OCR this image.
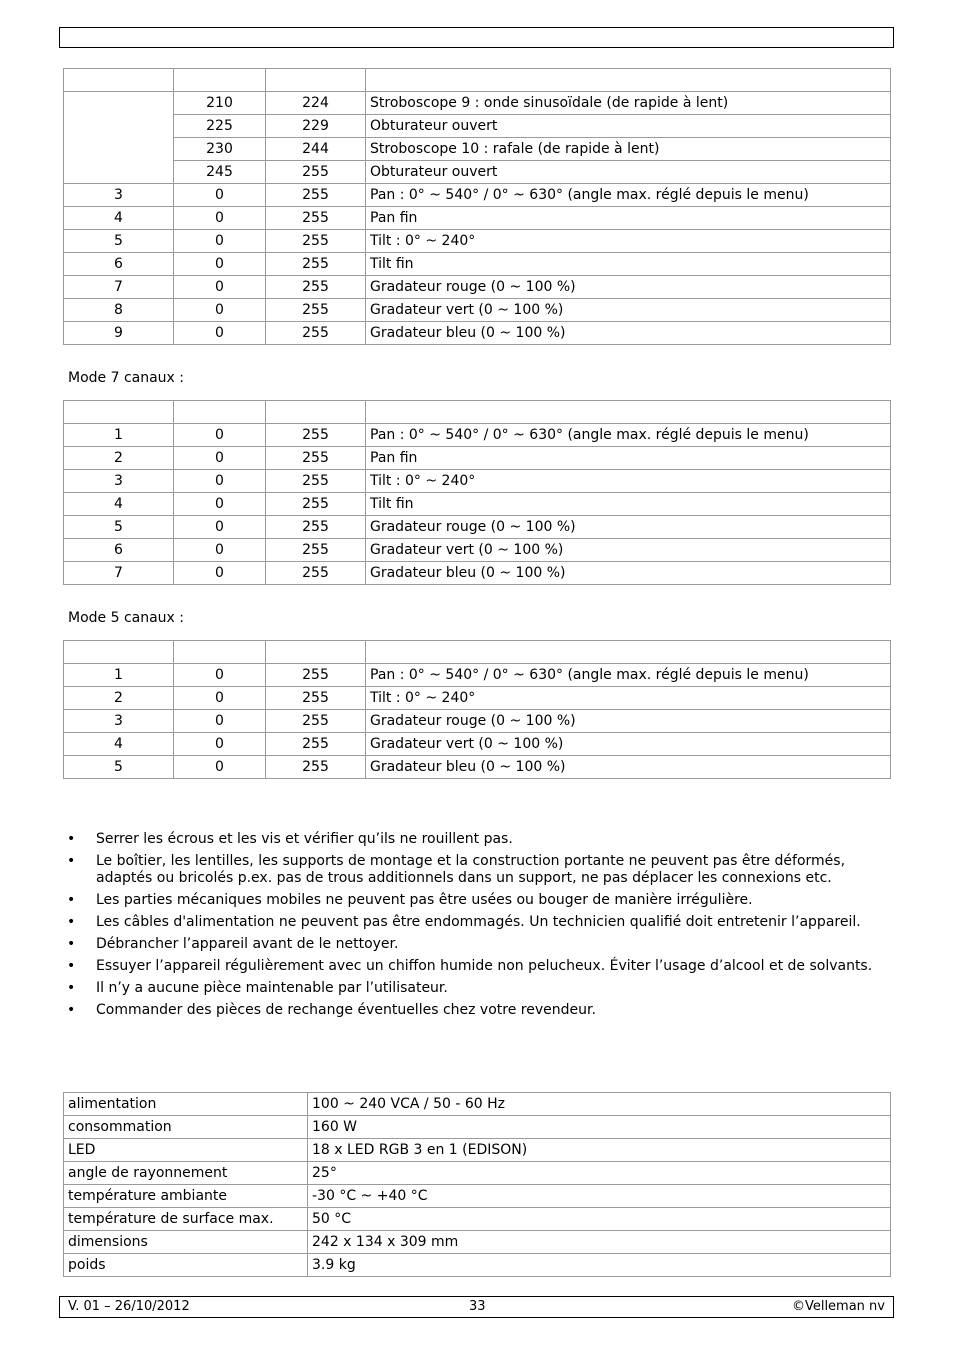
	210	224	Stroboscope 9 : onde sinusoïdale (de rapide à lent)
	225	229	Obturateur ouvert
	230	244	Stroboscope 10 : rafale (de rapide à lent)
	245	255	Obturateur ouvert
3	0	255	Pan : 0° ~ 540° / 0° ~ 630° (angle max. réglé depuis le menu)
4	0	255	Pan fin
5	0	255	Tilt : 0° ~ 240°
6	0	255	Tilt fin
7	0	255	Gradateur rouge (0 ~ 100 %)
8	0	255	Gradateur vert (0 ~ 100 %)
9	0	255	Gradateur bleu (0 ~ 100 %)
Mode 7 canaux :

1	0	255	Pan : 0° ~ 540° / 0° ~ 630° (angle max. réglé depuis le menu)
2	0	255	Pan fin
3	0	255	Tilt : 0° ~ 240°
4	0	255	Tilt fin
5	0	255	Gradateur rouge (0 ~ 100 %)
6	0	255	Gradateur vert (0 ~ 100 %)
7	0	255	Gradateur bleu (0 ~ 100 %)
Mode 5 canaux :

1	0	255	Pan : 0° ~ 540° / 0° ~ 630° (angle max. réglé depuis le menu)
2	0	255	Tilt : 0° ~ 240°
3	0	255	Gradateur rouge (0 ~ 100 %)
4	0	255	Gradateur vert (0 ~ 100 %)
5	0	255	Gradateur bleu (0 ~ 100 %)
• Serrer les écrous et les vis et vérifier qu’ils ne rouillent pas.
• Le boîtier, les lentilles, les supports de montage et la construction portante ne peuvent pas être déformés, adaptés ou bricolés p.ex. pas de trous additionnels dans un support, ne pas déplacer les connexions etc.
• Les parties mécaniques mobiles ne peuvent pas être usées ou bouger de manière irrégulière.
• Les câbles d'alimentation ne peuvent pas être endommagés. Un technicien qualifié doit entretenir l’appareil.
• Débrancher l’appareil avant de le nettoyer.
• Essuyer l’appareil régulièrement avec un chiffon humide non pelucheux. Éviter l’usage d’alcool et de solvants.
• Il n’y a aucune pièce maintenable par l’utilisateur.
• Commander des pièces de rechange éventuelles chez votre revendeur.
alimentation	100 ~ 240 VCA / 50 - 60 Hz
consommation	160 W
LED	18 x LED RGB 3 en 1 (EDISON)
angle de rayonnement	25°
température ambiante	-30 °C ~ +40 °C
température de surface max.	50 °C
dimensions	242 x 134 x 309 mm
poids	3.9 kg
V. 01 – 26/10/2012	33	©Velleman nv
